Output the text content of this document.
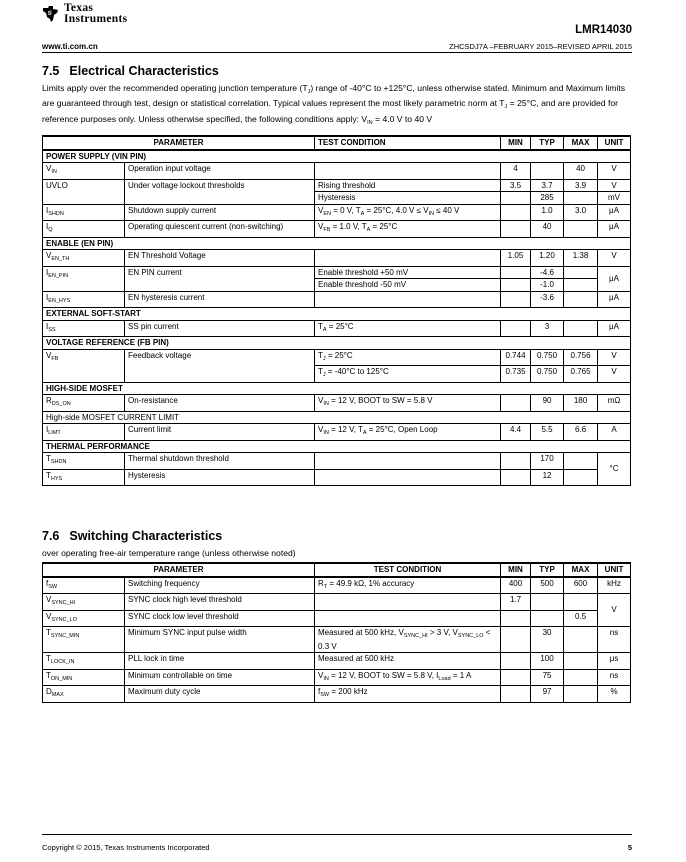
ti Texas
Instruments
LMR14030
www.ti.com.cn	ZHCSDJ7A –FEBRUARY 2015–REVISED APRIL 2015
7.5 Electrical Characteristics
Limits apply over the recommended operating junction temperature $(T_J)$ range of -40°C to +125°C, unless otherwise stated. Minimum and Maximum limits are guaranteed through test, design or statistical correlation. Typical values represent the most likely parametric norm at $T_J = 25^\circ C$, and are provided for reference purposes only. Unless otherwise specified, the following conditions apply: $V_{IN} = 4.0$ V to 40 V
PARAMETER		TEST CONDITION	MIN	TYP	MAX	UNIT
POWER SUPPLY (VIN PIN)						
$V_{IN}$	Operation input voltage		4		40	V
UVLO	Under voltage lockout thresholds	Rising threshold	3.5	3.7	3.9	V
		Hysteresis		285		mV
$I_{SHDN}$	Shutdown supply current	$V_{EN} = 0$ V, $T_A = 25^\circ C$, 4.0 $V \le V_{IN} \le 40$ V		1.0	3.0	μA
$I_Q$	Operating quiescent current (non-switching)	$V_{FB} = 1.0$ V, $T_A = 25^\circ C$		40		μA
ENABLE (EN PIN)						
$V_{EN\_TH}$	EN Threshold Voltage		1.05	1.20	1.38	V
$I_{EN\_PIN}$	EN PIN current	Enable threshold +50 mV		-4.6		μA
		Enable threshold -50 mV		-1.0		
$I_{EN\_HYS}$	EN hysteresis current			-3.6		μA
EXTERNAL SOFT-START						
$I_{SS}$	SS pin current	$T_A = 25^\circ C$		3		μA
VOLTAGE REFERENCE (FB PIN)						
$V_{FB}$	Feedback voltage	$T_J = 25^\circ C$	0.744	0.750	0.756	V
		$T_J = -40^\circ C$ to 125°C	0.735	0.750	0.765	V
HIGH-SIDE MOSFET						
$R_{DS\_ON}$	On-resistance	$V_{IN} = 12$ V, BOOT to SW = 5.8 V		90	180	mΩ
High-side MOSFET CURRENT LIMIT						
$I_{LIMT}$	Current limit	$V_{IN} = 12$ V, $T_A = 25^\circ C$, Open Loop	4.4	5.5	6.6	A
THERMAL PERFORMANCE						
$T_{SHDN}$	Thermal shutdown threshold			170		°C
$T_{HYS}$	Hysteresis			12		
7.6 Switching Characteristics
over operating free-air temperature range (unless otherwise noted)
PARAMETER		TEST CONDITION	MIN	TYP	MAX	UNIT
$f_{SW}$	Switching frequency	$R_T = 49.9$ kΩ, 1% accuracy	400	500	600	kHz
$V_{SYNC\_HI}$	SYNC clock high level threshold		1.7			V
$V_{SYNC\_LO}$	SYNC clock low level threshold				0.5	
$T_{SYNC\_MIN}$	Minimum SYNC input pulse width	Measured at 500 kHz, $V_{SYNC\_HI} > 3$ V, $V_{SYNC\_LO} < 0.3$ V		30		ns
$T_{LOCK\_IN}$	PLL lock in time	Measured at 500 kHz		100		μs
$T_{ON\_MIN}$	Minimum controllable on time	$V_{IN} = 12$ V, BOOT to SW = 5.8 V, $I_{Load} = 1$ A		75		ns
$D_{MAX}$	Maximum duty cycle	$f_{SW} = 200$ kHz		97		%
Copyright © 2015, Texas Instruments Incorporated	5
